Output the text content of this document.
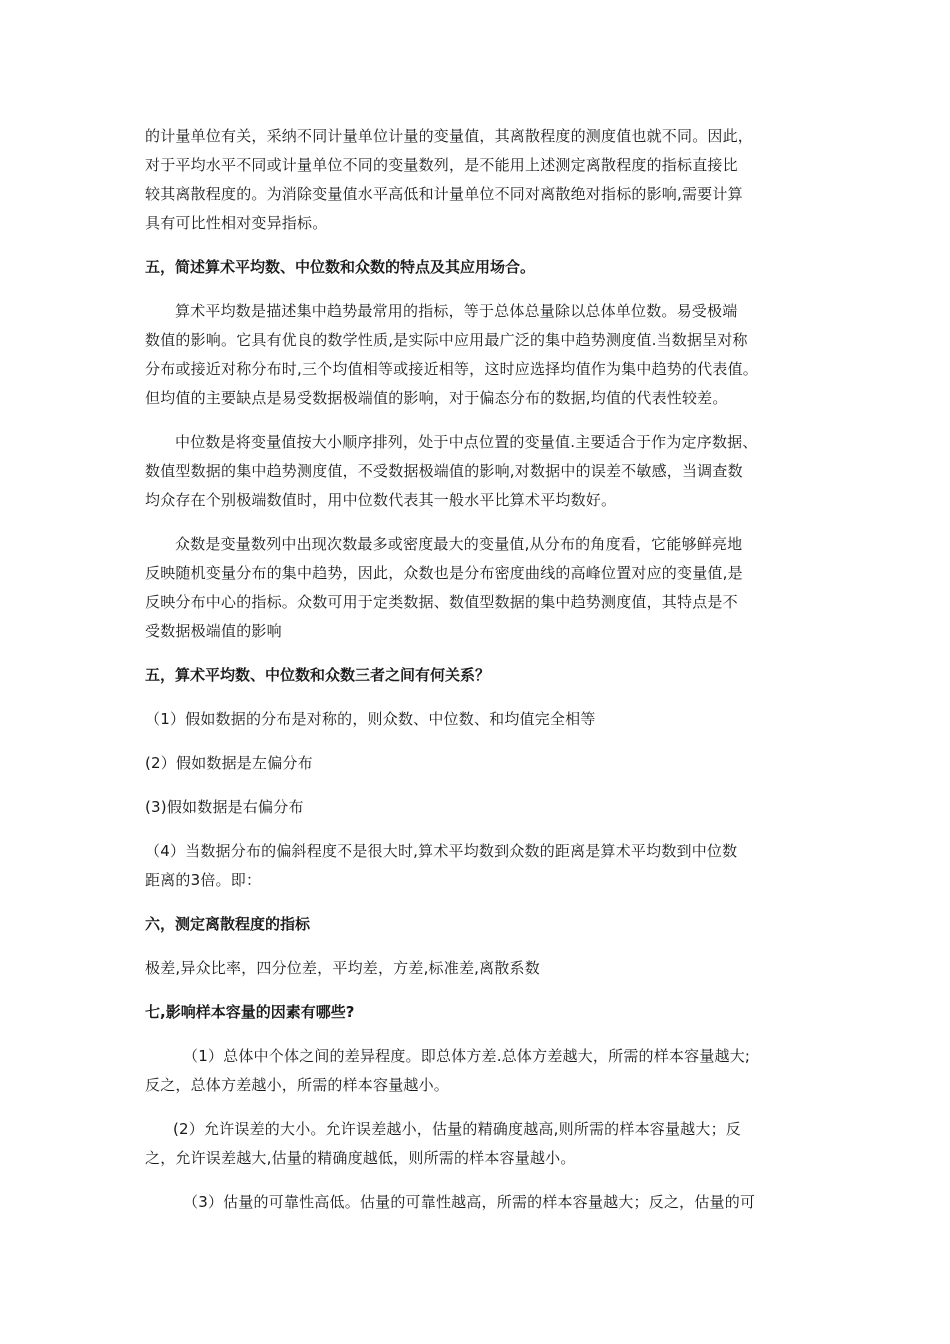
的计量单位有关，采纳不同计量单位计量的变量值，其离散程度的测度值也就不同。因此，
对于平均水平不同或计量单位不同的变量数列，是不能用上述测定离散程度的指标直接比
较其离散程度的。为消除变量值水平高低和计量单位不同对离散绝对指标的影响,需要计算
具有可比性相对变异指标。

五，简述算术平均数、中位数和众数的特点及其应用场合。

算术平均数是描述集中趋势最常用的指标，等于总体总量除以总体单位数。易受极端
数值的影响。它具有优良的数学性质,是实际中应用最广泛的集中趋势测度值.当数据呈对称
分布或接近对称分布时,三个均值相等或接近相等，这时应选择均值作为集中趋势的代表值。
但均值的主要缺点是易受数据极端值的影响，对于偏态分布的数据,均值的代表性较差。

中位数是将变量值按大小顺序排列，处于中点位置的变量值.主要适合于作为定序数据、
数值型数据的集中趋势测度值，不受数据极端值的影响,对数据中的误差不敏感，当调查数
均众存在个别极端数值时，用中位数代表其一般水平比算术平均数好。

众数是变量数列中出现次数最多或密度最大的变量值,从分布的角度看，它能够鲜亮地
反映随机变量分布的集中趋势，因此，众数也是分布密度曲线的高峰位置对应的变量值,是
反映分布中心的指标。众数可用于定类数据、数值型数据的集中趋势测度值，其特点是不
受数据极端值的影响

五，算术平均数、中位数和众数三者之间有何关系？

（1）假如数据的分布是对称的，则众数、中位数、和均值完全相等

(2）假如数据是左偏分布

(3)假如数据是右偏分布

（4）当数据分布的偏斜程度不是很大时,算术平均数到众数的距离是算术平均数到中位数
距离的3倍。即：

六，测定离散程度的指标

极差,异众比率，四分位差，平均差，方差,标准差,离散系数

七,影响样本容量的因素有哪些?

（1）总体中个体之间的差异程度。即总体方差.总体方差越大，所需的样本容量越大;
反之，总体方差越小，所需的样本容量越小。

(2）允许误差的大小。允许误差越小，估量的精确度越高,则所需的样本容量越大；反
之，允许误差越大,估量的精确度越低，则所需的样本容量越小。

（3）估量的可靠性高低。估量的可靠性越高，所需的样本容量越大；反之，估量的可
